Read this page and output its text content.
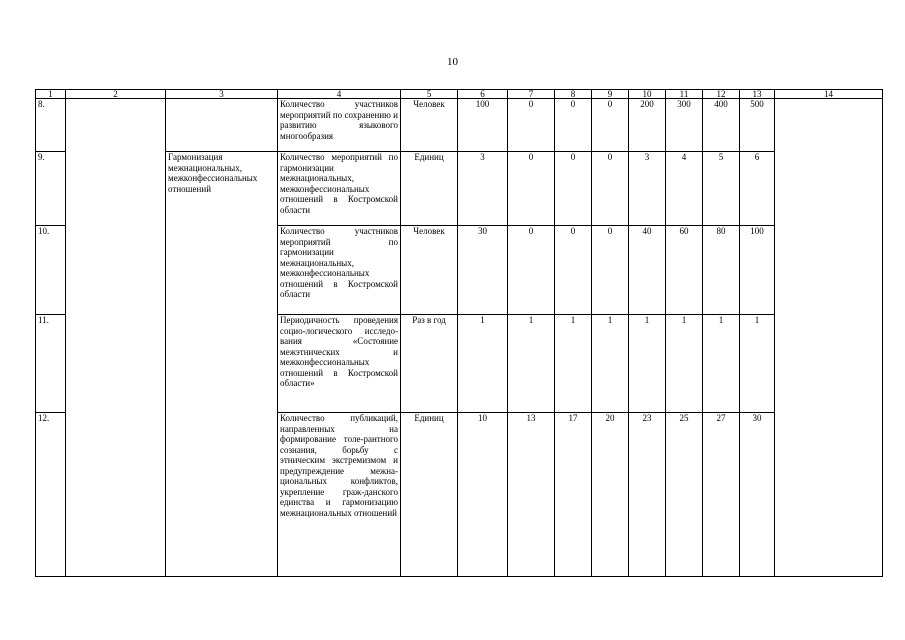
10
1	2	3	4	5	6	7	8	9	10	11	12	13	14
8.			Количество участников мероприятий по сохранению и развитию языкового многообразия	Человек	100	0	0	0	200	300	400	500	
9.		Гармонизация межнациональных, межконфессиональных отношений	Количество мероприятий по гармонизации межнациональных, межконфессиональных отношений в Костромской области	Единиц	3	0	0	0	3	4	5	6	
10.			Количество участников мероприятий по гармонизации межнациональных, межконфессиональных отношений в Костромской области	Человек	30	0	0	0	40	60	80	100	
11.			Периодичность проведения социо-логического исследо-вания «Состояние межэтнических и межконфессиональных отношений в Костромской области»	Раз в год	1	1	1	1	1	1	1	1	
12.			Количество публикаций, направленных на формирование толе-рантного сознания, борьбу с этническим экстремизмом и предупреждение межна-циональных конфликтов, укрепление граж-данского единства и гармонизацию межнациональных отношений	Единиц	10	13	17	20	23	25	27	30	
